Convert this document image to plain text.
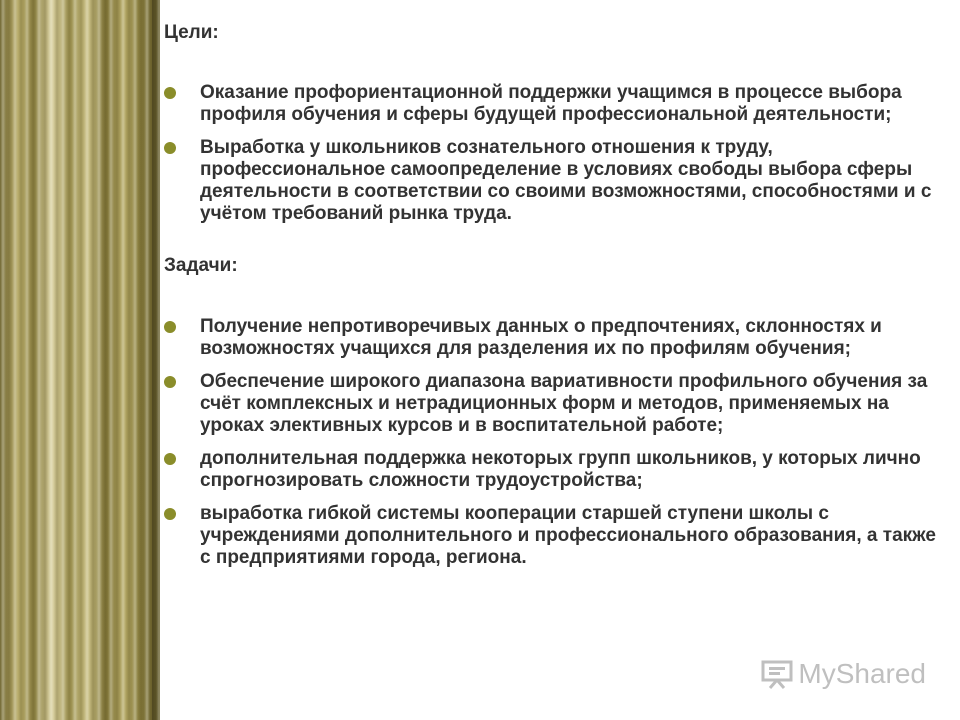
Цели:

Оказание профориентационной поддержки учащимся в процессе выбора профиля обучения и сферы будущей профессиональной деятельности;
Выработка у школьников сознательного отношения к труду, профессиональное самоопределение в условиях свободы выбора сферы деятельности в соответствии со своими возможностями, способностями и с учётом требований рынка труда.

Задачи:

Получение непротиворечивых данных о предпочтениях, склонностях и возможностях учащихся для разделения их по профилям обучения;
Обеспечение широкого диапазона вариативности профильного обучения за счёт комплексных и нетрадиционных форм и методов, применяемых на уроках элективных курсов и в воспитательной работе;
дополнительная поддержка некоторых групп школьников, у которых лично спрогнозировать сложности трудоустройства;
выработка гибкой системы кооперации старшей ступени школы с учреждениями дополнительного и профессионального образования, а также с предприятиями города, региона.
MyShared
